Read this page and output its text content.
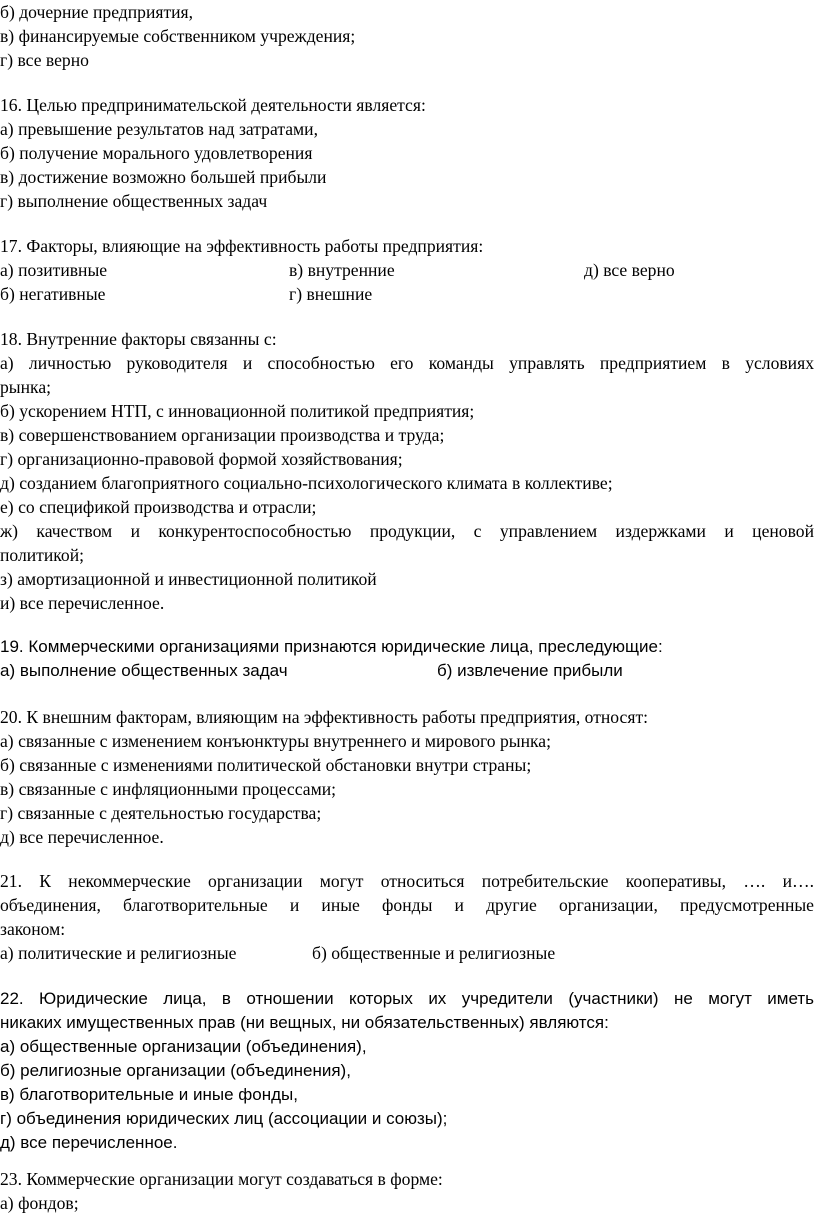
б) дочерние предприятия,
в) финансируемые собственником учреждения;
г) все верно
16. Целью предпринимательской деятельности является:
а) превышение результатов над затратами,
б) получение морального удовлетворения
в) достижение возможно большей прибыли
г) выполнение общественных задач
17. Факторы, влияющие на эффективность работы предприятия:
а) позитивные	в) внутренние	д) все верно
б) негативные	г) внешние
18. Внутренние факторы связанны с:
а) личностью руководителя и способностью его команды управлять предприятием в условиях
рынка;
б) ускорением НТП, с инновационной политикой предприятия;
в) совершенствованием организации производства и труда;
г) организационно-правовой формой хозяйствования;
д) созданием благоприятного социально-психологического климата в коллективе;
е) со спецификой производства и отрасли;
ж) качеством и конкурентоспособностью продукции, с управлением издержками и ценовой
политикой;
з) амортизационной и инвестиционной политикой
и) все перечисленное.
19. Коммерческими организациями признаются юридические лица, преследующие:
а) выполнение общественных задач	б) извлечение прибыли
20. К внешним факторам, влияющим на эффективность работы предприятия, относят:
а) связанные с изменением конъюнктуры внутреннего и мирового рынка;
б) связанные с изменениями политической обстановки внутри страны;
в) связанные с инфляционными процессами;
г) связанные с деятельностью государства;
д) все перечисленное.
21. К некоммерческие организации могут относиться потребительские кооперативы, …. и….
объединения, благотворительные и иные фонды и другие организации, предусмотренные
законом:
а) политические и религиозные	б) общественные и религиозные
22. Юридические лица, в отношении которых их учредители (участники) не могут иметь
никаких имущественных прав (ни вещных, ни обязательственных) являются:
а) общественные организации (объединения),
б) религиозные организации (объединения),
в) благотворительные и иные фонды,
г) объединения юридических лиц (ассоциации и союзы);
д) все перечисленное.
23. Коммерческие организации могут создаваться в форме:
а) фондов;
